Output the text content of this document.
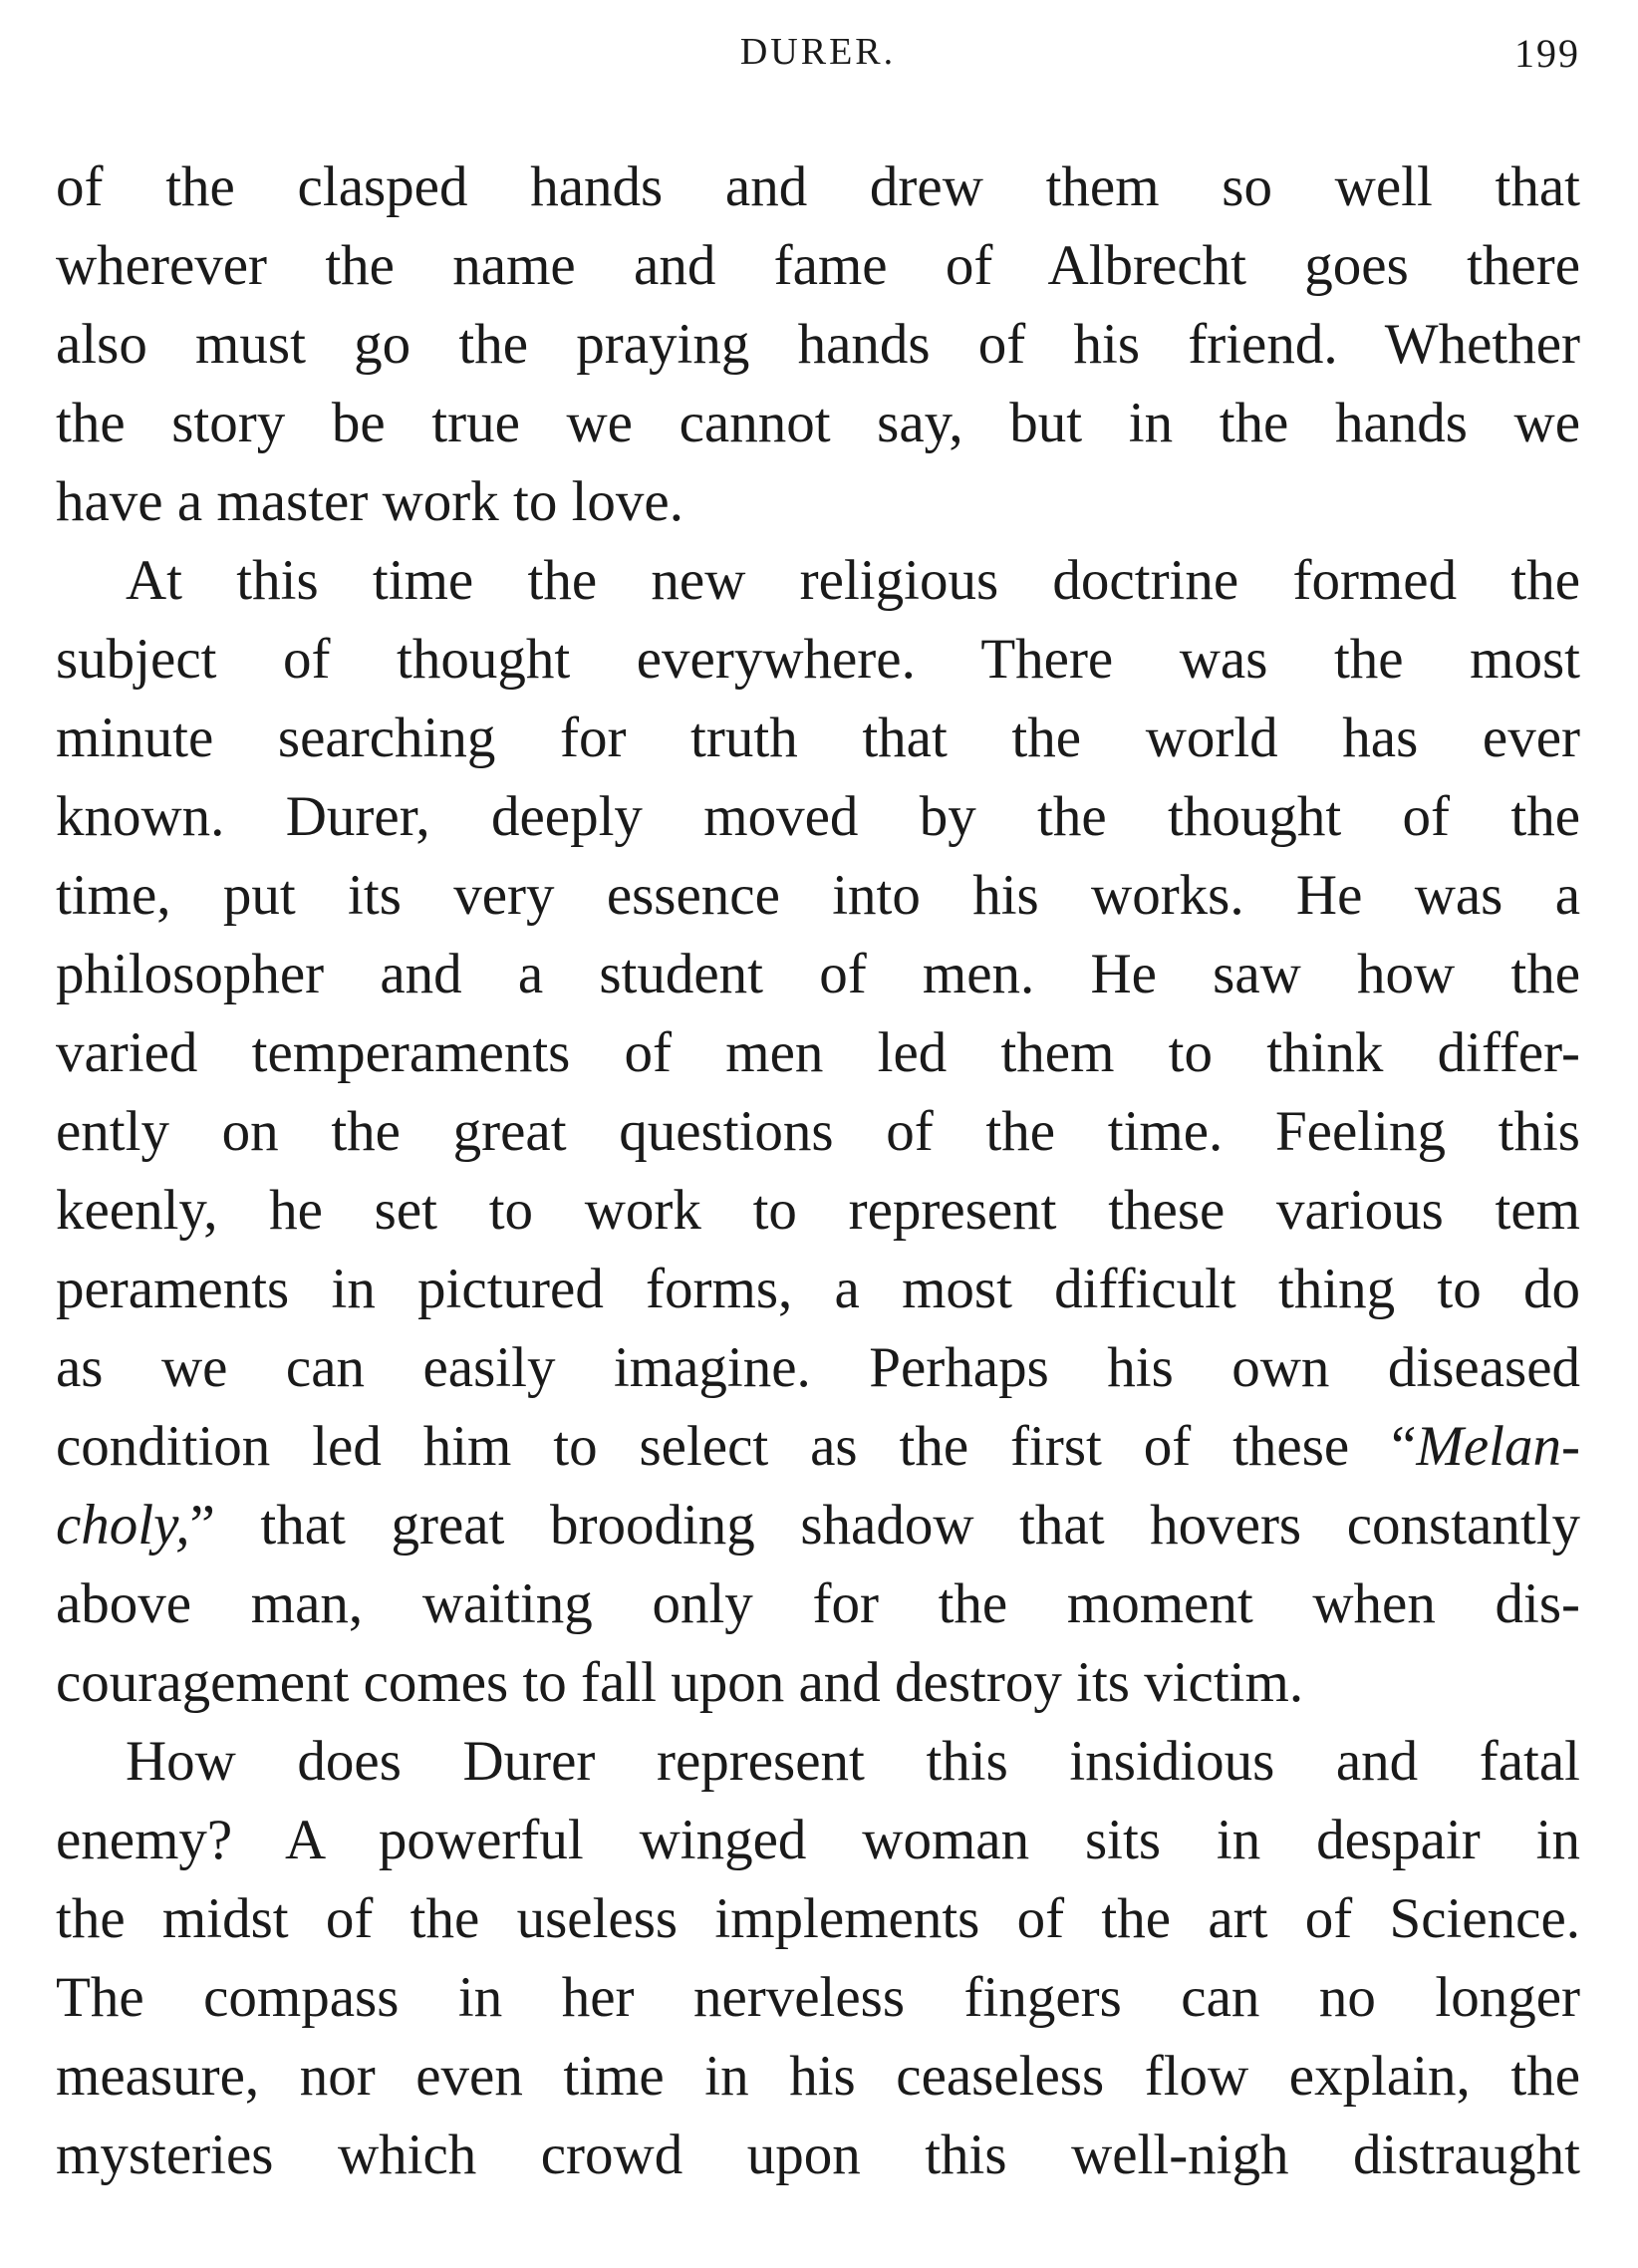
DURER.	199
of the clasped hands and drew them so well that
wherever the name and fame of Albrecht goes there
also must go the praying hands of his friend. Whether
the story be true we cannot say, but in the hands we
have a master work to love.
At this time the new religious doctrine formed the
subject of thought everywhere. There was the most
minute searching for truth that the world has ever
known. Durer, deeply moved by the thought of the
time, put its very essence into his works. He was a
philosopher and a student of men. He saw how the
varied temperaments of men led them to think differ-
ently on the great questions of the time. Feeling this
keenly, he set to work to represent these various tem
peraments in pictured forms, a most difficult thing to do
as we can easily imagine. Perhaps his own diseased
condition led him to select as the first of these “Melan-
choly,” that great brooding shadow that hovers constantly
above man, waiting only for the moment when dis-
couragement comes to fall upon and destroy its victim.
How does Durer represent this insidious and fatal
enemy? A powerful winged woman sits in despair in
the midst of the useless implements of the art of Science.
The compass in her nerveless fingers can no longer
measure, nor even time in his ceaseless flow explain, the
mysteries which crowd upon this well-nigh distraught
